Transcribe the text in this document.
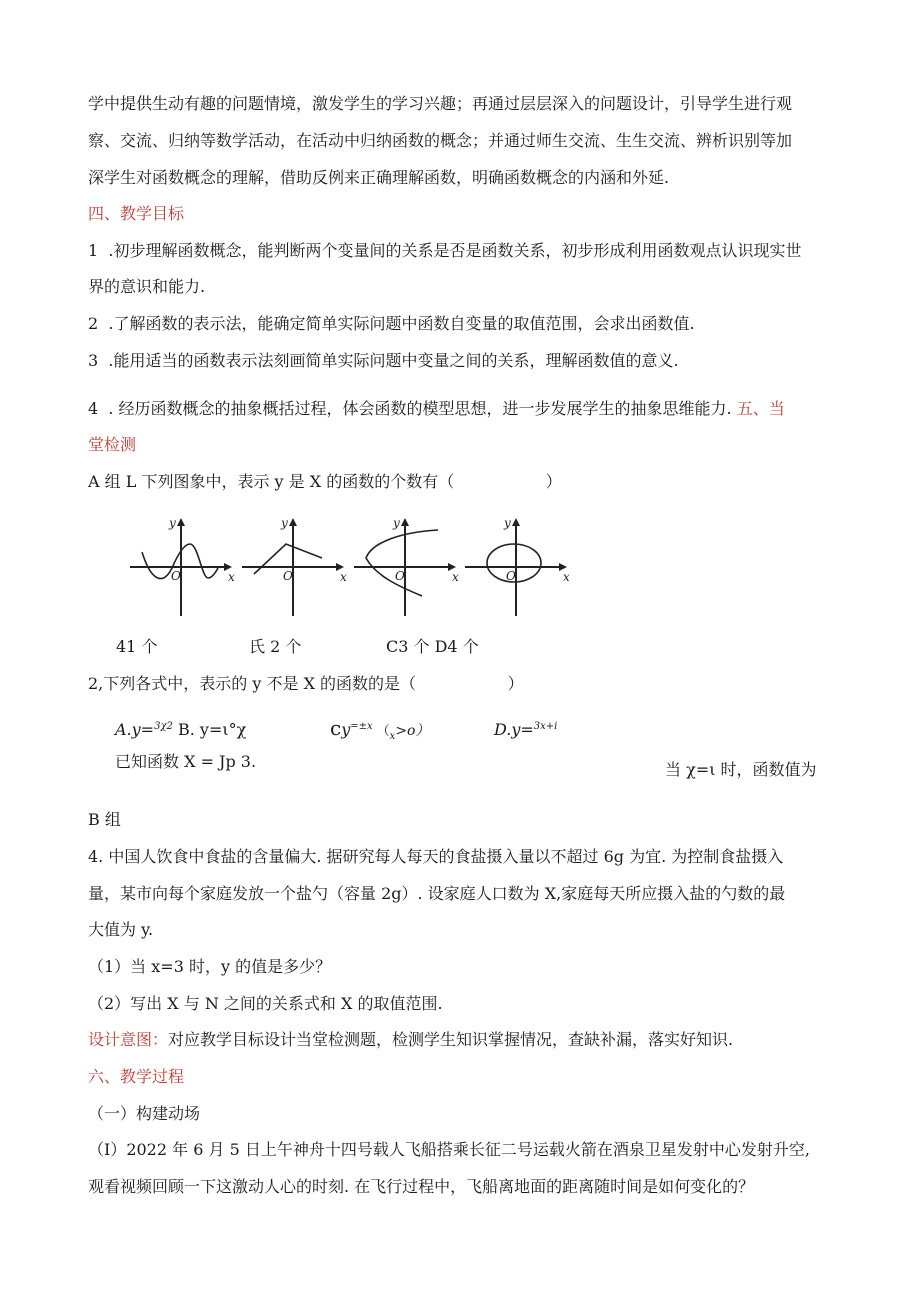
学中提供生动有趣的问题情境，激发学生的学习兴趣；再通过层层深入的问题设计，引导学生进行观
察、交流、归纳等数学活动，在活动中归纳函数的概念；并通过师生交流、生生交流、辨析识别等加
深学生对函数概念的理解，借助反例来正确理解函数，明确函数概念的内涵和外延.
四、教学目标
1  .初步理解函数概念，能判断两个变量间的关系是否是函数关系，初步形成利用函数观点认识现实世
界的意识和能力.
2  .了解函数的表示法，能确定简单实际问题中函数自变量的取值范围，会求出函数值.
3  .能用适当的函数表示法刻画简单实际问题中变量之间的关系，理解函数值的意义.
4  . 经历函数概念的抽象概括过程，体会函数的模型思想，进一步发展学生的抽象思维能力. 五、当
堂检测
A 组 L 下列图象中，表示 y 是 X 的函数的个数有（                  ）
y
x
O
y
x
O
y
x
O
y
x
O
41 个	氏 2 个	C3 个 D4 个
2,下列各式中，表示的 y 不是 X 的函数的是（                  ）
A.y=$^{3\chi 2}$ B. y=ι°χ	$cy^{=\pm x}$ $(_x>o)$	D.y=$^{3x+i}$
已知函数 X = Jp 3.	当 χ=ι 时，函数值为
B 组
4. 中国人饮食中食盐的含量偏大. 据研究每人每天的食盐摄入量以不超过 6g 为宜. 为控制食盐摄入
量，某市向每个家庭发放一个盐勺（容量 2g）. 设家庭人口数为 X,家庭每天所应摄入盐的勺数的最
大值为 y.
（1）当 x=3 时，y 的值是多少？
（2）写出 X 与 N 之间的关系式和 X 的取值范围.
设计意图：对应教学目标设计当堂检测题，检测学生知识掌握情况，查缺补漏，落实好知识.
六、教学过程
（一）构建动场
（I）2022 年 6 月 5 日上午神舟十四号载人飞船搭乘长征二号运载火箭在酒泉卫星发射中心发射升空,
观看视频回顾一下这激动人心的时刻. 在飞行过程中，飞船离地面的距离随时间是如何变化的？
